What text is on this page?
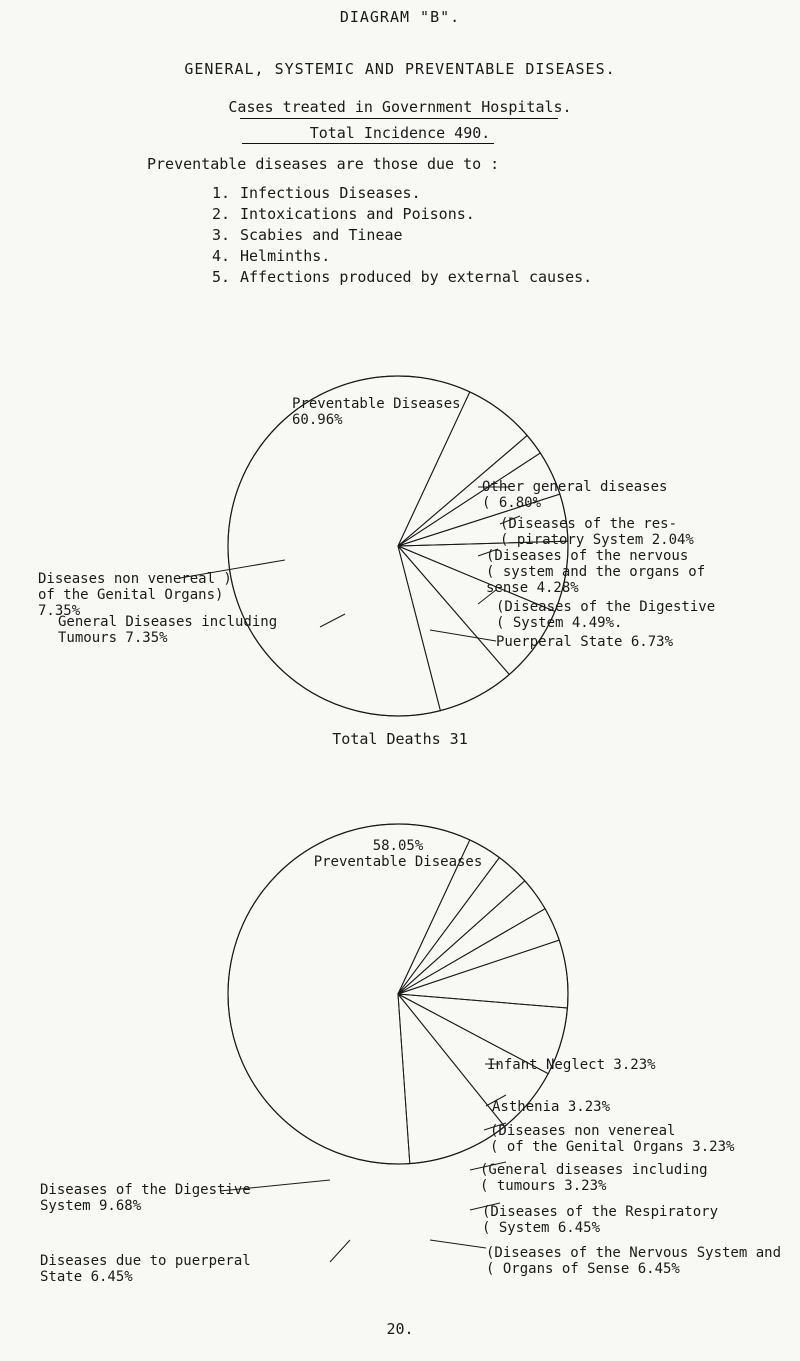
DIAGRAM "B".
GENERAL, SYSTEMIC AND PREVENTABLE DISEASES.
Cases treated in Government Hospitals.
Total Incidence 490.
Preventable diseases are those due to :
1. Infectious Diseases.
2. Intoxications and Poisons.
3. Scabies and Tineae
4. Helminths.
5. Affections produced by external causes.
Total Deaths 31
20.
Preventable Diseases
60.96%
Other general diseases
( 6.80%
(Diseases of the res-
( piratory System 2.04%
(Diseases of the nervous
( system and the organs of
sense 4.28%
(Diseases of the Digestive
( System 4.49%.
Puerperal State 6.73%
General Diseases including
Tumours 7.35%
Diseases non venereal )
of the Genital Organs)
7.35%
58.05%
Preventable Diseases
Infant Neglect 3.23%
Asthenia 3.23%
(Diseases non venereal
( of the Genital Organs 3.23%
(General diseases including
( tumours 3.23%
(Diseases of the Respiratory
( System 6.45%
(Diseases of the Nervous System and
( Organs of Sense 6.45%
Diseases due to puerperal
State 6.45%
Diseases of the Digestive
System 9.68%
